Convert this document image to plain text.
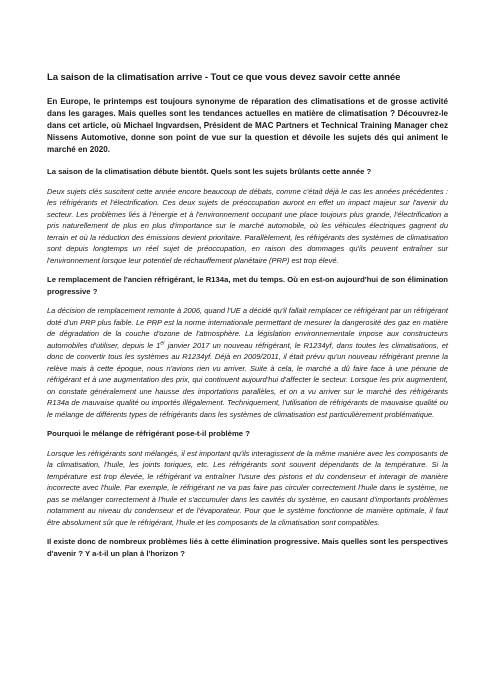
La saison de la climatisation arrive - Tout ce que vous devez savoir cette année

En Europe, le printemps est toujours synonyme de réparation des climatisations et de grosse activité dans les garages. Mais quelles sont les tendances actuelles en matière de climatisation ? Découvrez-le dans cet article, où Michael Ingvardsen, Président de MAC Partners et Technical Training Manager chez Nissens Automotive, donne son point de vue sur la question et dévoile les sujets dés qui animent le marché en 2020.

La saison de la climatisation débute bientôt. Quels sont les sujets brûlants cette année ?

Deux sujets clés suscitent cette année encore beaucoup de débats, comme c'était déjà le cas les années précédentes : les réfrigérants et l'électrification. Ces deux sujets de préoccupation auront en effet un impact majeur sur l'avenir du secteur. Les problèmes liés à l'énergie et à l'environnement occupant une place toujours plus grande, l'électrification a pris naturellement de plus en plus d'importance sur le marché automobile, où les véhicules électriques gagnent du terrain et où la réduction des émissions devient prioritaire. Parallèlement, les réfrigérants des systèmes de climatisation sont depuis longtemps un réel sujet de préoccupation, en raison des dommages qu'ils peuvent entraîner sur l'environnement lorsque leur potentiel de réchauffement planétaire (PRP) est trop élevé.

Le remplacement de l'ancien réfrigérant, le R134a, met du temps. Où en est-on aujourd'hui de son élimination progressive ?

La décision de remplacement remonte à 2006, quand l'UE a décidé qu'il fallait remplacer ce réfrigérant par un réfrigérant doté d'un PRP plus faible. Le PRP est la norme internationale permettant de mesurer la dangerosité des gaz en matière de dégradation de la couche d'ozone de l'atmosphère. La législation environnementale impose aux constructeurs automobiles d'utiliser, depuis le 1er janvier 2017 un nouveau réfrigérant, le R1234yf, dans toutes les climatisations, et donc de convertir tous les systèmes au R1234yf. Déjà en 2009/2011, il était prévu qu'un nouveau réfrigérant prenne la relève mais à cette époque, nous n'avions rien vu arriver. Suite à cela, le marché a dû faire face à une pénurie de réfrigérant et à une augmentation des prix, qui continuent aujourd'hui d'affecter le secteur. Lorsque les prix augmentent, on constate généralement une hausse des importations parallèles, et on a vu arriver sur le marché des réfrigérants R134a de mauvaise qualité ou importés illégalement. Techniquement, l'utilisation de réfrigérants de mauvaise qualité ou le mélange de différents types de réfrigérants dans les systèmes de climatisation est particulièrement problématique.

Pourquoi le mélange de réfrigérant pose-t-il problème ?

Lorsque les réfrigérants sont mélangés, il est important qu'ils interagissent de la même manière avec les composants de la climatisation, l'huile, les joints toriques, etc. Les réfrigérants sont souvent dépendants de la température. Si la température est trop élevée, le réfrigérant va entraîner l'usure des pistons et du condenseur et interagir de manière incorrecte avec l'huile. Par exemple, le réfrigérant ne va pas faire pas circuler correctement l'huile dans le système, ne pas se mélanger correctement à l'huile et s'accumuler dans les cavités du système, en causant d'importants problèmes notamment au niveau du condenseur et de l'évaporateur. Pour que le système fonctionne de manière optimale, il faut être absolument sûr que le réfrigérant, l'huile et les composants de la climatisation sont compatibles.

Il existe donc de nombreux problèmes liés à cette élimination progressive. Mais quelles sont les perspectives d'avenir ? Y a-t-il un plan à l'horizon ?
